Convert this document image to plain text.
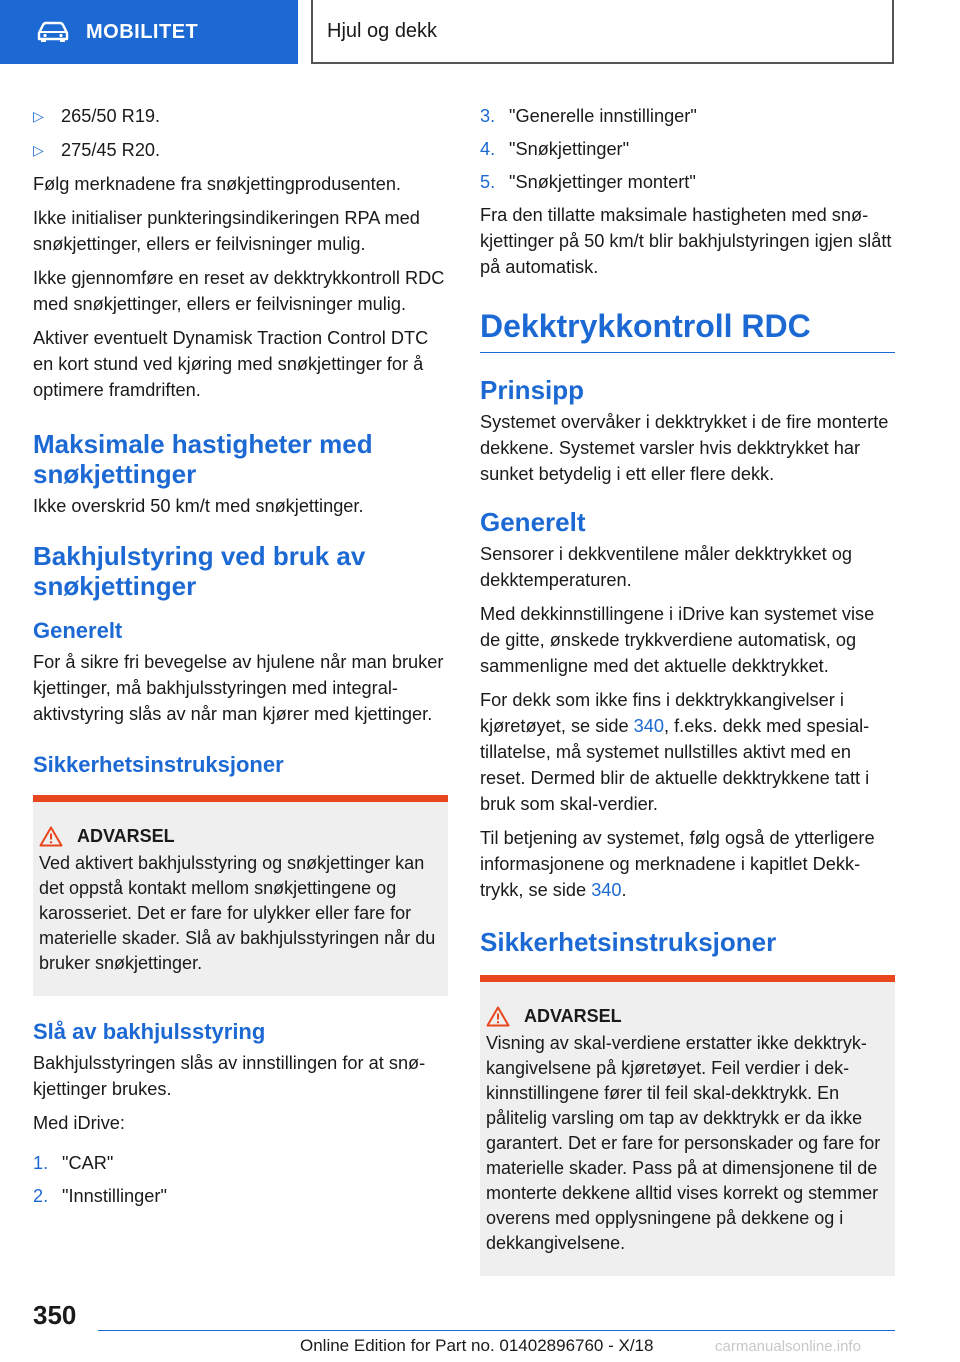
MOBILITET	Hjul og dekk
▷ 265/50 R19.
▷ 275/45 R20.

Følg merknadene fra snøkjettingprodusenten.

Ikke initialiser punkteringsindikeringen RPA med snøkjettinger, ellers er feilvisninger mulig.

Ikke gjennomføre en reset av dekktrykkontroll RDC med snøkjettinger, ellers er feilvisninger mulig.

Aktiver eventuelt Dynamisk Traction Control DTC en kort stund ved kjøring med snøkjettinger for å optimere framdriften.

Maksimale hastigheter med snøkjettinger

Ikke overskrid 50 km/t med snøkjettinger.

Bakhjulstyring ved bruk av snøkjettinger
Generelt

For å sikre fri bevegelse av hjulene når man bruker kjettinger, må bakhjulsstyringen med integral-aktivstyring slås av når man kjører med kjettinger.

Sikkerhetsinstruksjoner
ADVARSEL
Ved aktivert bakhjulsstyring og snøkjettinger kan det oppstå kontakt mellom snøkjettingene og karosseriet. Det er fare for ulykker eller fare for materielle skader. Slå av bakhjulsstyringen når du bruker snøkjettinger.
Slå av bakhjulsstyring

Bakhjulsstyringen slås av innstillingen for at snøkjettinger brukes.

Med iDrive:

1. "CAR"
2. "Innstillinger"
3. "Generelle innstillinger"
4. "Snøkjettinger"
5. "Snøkjettinger montert"

Fra den tillatte maksimale hastigheten med snøkjettinger på 50 km/t blir bakhjulstyringen igjen slått på automatisk.

Dekktrykkontroll RDC
Prinsipp

Systemet overvåker i dekktrykket i de fire monterte dekkene. Systemet varsler hvis dekktrykket har sunket betydelig i ett eller flere dekk.

Generelt

Sensorer i dekkventilene måler dekktrykket og dekktemperaturen.

Med dekkinnstillingene i iDrive kan systemet vise de gitte, ønskede trykkverdiene automatisk, og sammenligne med det aktuelle dekktrykket.

For dekk som ikke fins i dekktrykkangivelser i kjøretøyet, se side 340, f.eks. dekk med spesialtillatelse, må systemet nullstilles aktivt med en reset. Dermed blir de aktuelle dekktrykkene tatt i bruk som skal-verdier.

Til betjening av systemet, følg også de ytterligere informasjonene og merknadene i kapitlet Dekktrykk, se side 340.

Sikkerhetsinstruksjoner
ADVARSEL
Visning av skal-verdiene erstatter ikke dekktrykkangivelsene på kjøretøyet. Feil verdier i dekkinnstillingene fører til feil skal-dekktrykk. En pålitelig varsling om tap av dekktrykk er da ikke garantert. Det er fare for personskader og fare for materielle skader. Pass på at dimensjonene til de monterte dekkene alltid vises korrekt og stemmer overens med opplysningene på dekkene og i dekkangivelsene.
350
Online Edition for Part no. 01402896760 - X/18	carmanualsonline.info
